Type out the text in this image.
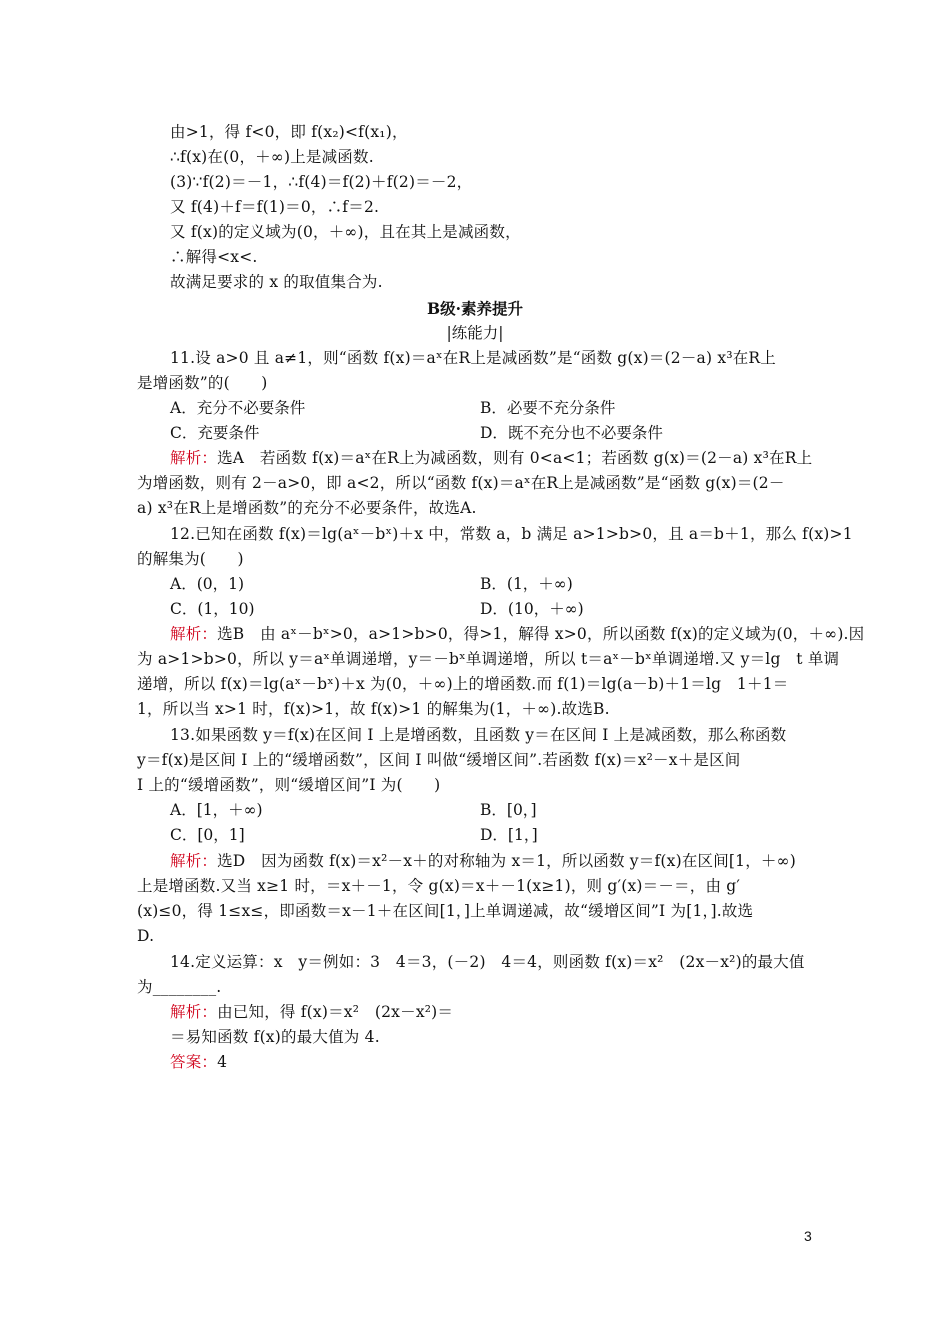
由>1，得 f<0，即 f(x₂)<f(x₁)，
∴f(x)在(0，＋∞)上是减函数.
(3)∵f(2)＝－1，∴f(4)＝f(2)＋f(2)＝－2，
又 f(4)＋f＝f(1)＝0，∴f＝2.
又 f(x)的定义域为(0，＋∞)，且在其上是减函数，
∴解得<x<.
故满足要求的 x 的取值集合为.
B级·素养提升
|练能力|
11.设 a>0 且 a≠1，则“函数 f(x)＝aˣ在R上是减函数”是“函数 g(x)＝(2－a) x³在R上
是增函数”的(　　)
A．充分不必要条件	B．必要不充分条件
C．充要条件	D．既不充分也不必要条件
解析：选A　若函数 f(x)＝aˣ在R上为减函数，则有 0<a<1；若函数 g(x)＝(2－a) x³在R上
为增函数，则有 2－a>0，即 a<2，所以“函数 f(x)＝aˣ在R上是减函数”是“函数 g(x)＝(2－
a) x³在R上是增函数”的充分不必要条件，故选A.
12.已知在函数 f(x)＝lg(aˣ－bˣ)＋x 中，常数 a，b 满足 a>1>b>0，且 a＝b＋1，那么 f(x)>1
的解集为(　　)
A．(0，1)	B．(1，＋∞)
C．(1，10)	D．(10，＋∞)
解析：选B　由 aˣ－bˣ>0，a>1>b>0，得>1，解得 x>0，所以函数 f(x)的定义域为(0，＋∞).因
为 a>1>b>0，所以 y＝aˣ单调递增，y＝－bˣ单调递增，所以 t＝aˣ－bˣ单调递增.又 y＝lg　t 单调
递增，所以 f(x)＝lg(aˣ－bˣ)＋x 为(0，＋∞)上的增函数.而 f(1)＝lg(a－b)＋1＝lg　1＋1＝
1，所以当 x>1 时，f(x)>1，故 f(x)>1 的解集为(1，＋∞).故选B.
13.如果函数 y＝f(x)在区间 I 上是增函数，且函数 y＝在区间 I 上是减函数，那么称函数
y＝f(x)是区间 I 上的“缓增函数”，区间 I 叫做“缓增区间”.若函数 f(x)＝x²－x＋是区间
I 上的“缓增函数”，则“缓增区间”I 为(　　)
A．[1，＋∞)	B．[0，]
C．[0，1]	D．[1，]
解析：选D　因为函数 f(x)＝x²－x＋的对称轴为 x＝1，所以函数 y＝f(x)在区间[1，＋∞)
上是增函数.又当 x≥1 时，＝x＋－1，令 g(x)＝x＋－1(x≥1)，则 g′(x)＝－＝，由 g′
(x)≤0，得 1≤x≤，即函数＝x－1＋在区间[1，]上单调递减，故“缓增区间”I 为[1，].故选
D.
14.定义运算：x　y＝例如：3　4＝3，(－2)　4＝4，则函数 f(x)＝x²　(2x－x²)的最大值
为________.
解析：由已知，得 f(x)＝x²　(2x－x²)＝
＝易知函数 f(x)的最大值为 4.
答案：4
3
